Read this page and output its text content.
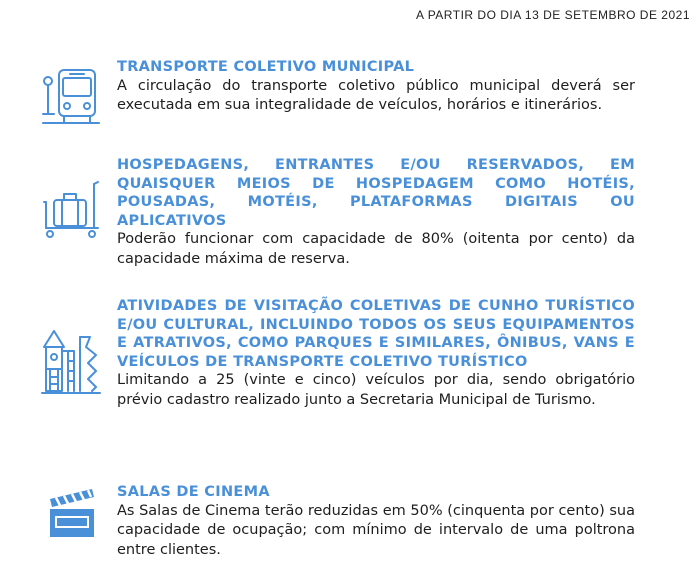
A PARTIR DO DIA 13 DE SETEMBRO DE 2021
TRANSPORTE COLETIVO MUNICIPAL
A circulação do transporte coletivo público municipal deverá ser executada em sua integralidade de veículos, horários e itinerários.
HOSPEDAGENS, ENTRANTES E/OU RESERVADOS, EM QUAISQUER MEIOS DE HOSPEDAGEM COMO HOTÉIS, POUSADAS, MOTÉIS, PLATAFORMAS DIGITAIS OU APLICATIVOS
Poderão funcionar com capacidade de 80% (oitenta por cento) da capacidade máxima de reserva.
ATIVIDADES DE VISITAÇÃO COLETIVAS DE CUNHO TURÍSTICO E/OU CULTURAL, INCLUINDO TODOS OS SEUS EQUIPAMENTOS E ATRATIVOS, COMO PARQUES E SIMILARES, ÔNIBUS, VANS E VEÍCULOS DE TRANSPORTE COLETIVO TURÍSTICO
Limitando a 25 (vinte e cinco) veículos por dia, sendo obrigatório prévio cadastro realizado junto a Secretaria Municipal de Turismo.
SALAS DE CINEMA
As Salas de Cinema terão reduzidas em 50% (cinquenta por cento) sua capacidade de ocupação; com mínimo de intervalo de uma poltrona entre clientes.
